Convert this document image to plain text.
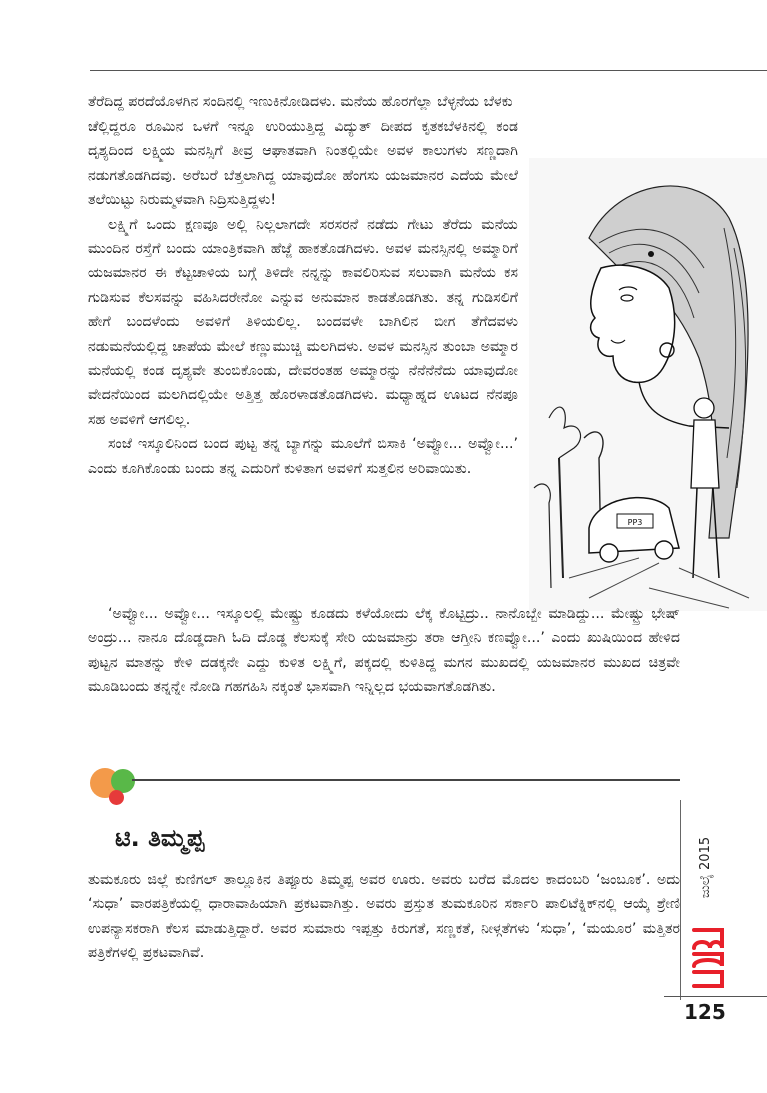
ತೆರೆದಿದ್ದ ಪರದೆಯೊಳಗಿನ ಸಂದಿನಲ್ಲಿ ಇಣುಕಿನೋಡಿದಳು. ಮನೆಯ ಹೊರಗೆಲ್ಲಾ ಬೆಳ್ಳನೆಯ ಬೆಳಕು

ಚೆಲ್ಲಿದ್ದರೂ ರೂಮಿನ ಒಳಗೆ ಇನ್ನೂ ಉರಿಯುತ್ತಿದ್ದ ವಿದ್ಯುತ್ ದೀಪದ ಕೃತಕಬೆಳಕಿನಲ್ಲಿ ಕಂಡ ದೃಶ್ಯದಿಂದ ಲಕ್ಷ್ಮಿಯ ಮನಸ್ಸಿಗೆ ತೀವ್ರ ಆಘಾತವಾಗಿ ನಿಂತಲ್ಲಿಯೇ ಅವಳ ಕಾಲುಗಳು ಸಣ್ಣದಾಗಿ ನಡುಗತೊಡಗಿದವು. ಅರೆಬರೆ ಬೆತ್ತಲಾಗಿದ್ದ ಯಾವುದೋ ಹೆಂಗಸು ಯಜಮಾನರ ಎದೆಯ ಮೇಲೆ ತಲೆಯಿಟ್ಟು ನಿರುಮ್ಮಳವಾಗಿ ನಿದ್ರಿಸುತ್ತಿದ್ದಳು!

ಲಕ್ಷ್ಮಿಗೆ ಒಂದು ಕ್ಷಣವೂ ಅಲ್ಲಿ ನಿಲ್ಲಲಾಗದೇ ಸರಸರನೆ ನಡೆದು ಗೇಟು ತೆರೆದು ಮನೆಯ ಮುಂದಿನ ರಸ್ತೆಗೆ ಬಂದು ಯಾಂತ್ರಿಕವಾಗಿ ಹೆಜ್ಜೆ ಹಾಕತೊಡಗಿದಳು. ಅವಳ ಮನಸ್ಸಿನಲ್ಲಿ ಅಮ್ಮಾರಿಗೆ ಯಜಮಾನರ ಈ ಕೆಟ್ಟಚಾಳಿಯ ಬಗ್ಗೆ ತಿಳಿದೇ ನನ್ನನ್ನು ಕಾವಲಿರಿಸುವ ಸಲುವಾಗಿ ಮನೆಯ ಕಸ ಗುಡಿಸುವ ಕೆಲಸವನ್ನು ವಹಿಸಿದರೇನೋ ಎನ್ನುವ ಅನುಮಾನ ಕಾಡತೊಡಗಿತು. ತನ್ನ ಗುಡಿಸಲಿಗೆ ಹೇಗೆ ಬಂದಳೆಂದು ಅವಳಿಗೆ ತಿಳಿಯಲಿಲ್ಲ. ಬಂದವಳೇ ಬಾಗಿಲಿನ ಬೀಗ ತೆಗೆದವಳು ನಡುಮನೆಯಲ್ಲಿದ್ದ ಚಾಪೆಯ ಮೇಲೆ ಕಣ್ಣುಮುಚ್ಚಿ ಮಲಗಿದಳು. ಅವಳ ಮನಸ್ಸಿನ ತುಂಬಾ ಅಮ್ಮಾರ ಮನೆಯಲ್ಲಿ ಕಂಡ ದೃಶ್ಯವೇ ತುಂಬಿಕೊಂಡು, ದೇವರಂತಹ ಅಮ್ಮಾರನ್ನು ನೆನೆನೆನೆದು ಯಾವುದೋ ವೇದನೆಯಿಂದ ಮಲಗಿದಲ್ಲಿಯೇ ಅತ್ತಿತ್ತ ಹೊರಳಾಡತೊಡಗಿದಳು. ಮಧ್ಯಾಹ್ನದ ಊಟದ ನೆನಪೂ ಸಹ ಅವಳಿಗೆ ಆಗಲಿಲ್ಲ.

ಸಂಜೆ ಇಸ್ಕೂಲಿನಿಂದ ಬಂದ ಪುಟ್ಟ ತನ್ನ ಬ್ಯಾಗನ್ನು ಮೂಲೆಗೆ ಬಿಸಾಕಿ ‘ಅವ್ವೋ... ಅವ್ವೋ...’ ಎಂದು ಕೂಗಿಕೊಂಡು ಬಂದು ತನ್ನ ಎದುರಿಗೆ ಕುಳಿತಾಗ ಅವಳಿಗೆ ಸುತ್ತಲಿನ ಅರಿವಾಯಿತು.

PP3

‘ಅವ್ವೋ... ಅವ್ವೋ... ಇಸ್ಕೂಲಲ್ಲಿ ಮೇಷ್ಟ್ರು ಕೂಡದು ಕಳೆಯೋದು ಲೆಕ್ಕ ಕೊಟ್ಟಿದ್ರು.. ನಾನೊಬ್ಬೇ ಮಾಡಿದ್ದು... ಮೇಷ್ಟ್ರು ಭೇಷ್ ಅಂದ್ರು... ನಾನೂ ದೊಡ್ಡದಾಗಿ ಓದಿ ದೊಡ್ಡ ಕೆಲಸುಕ್ಕೆ ಸೇರಿ ಯಜಮಾನ್ರು ತರಾ ಆಗ್ತೀನಿ ಕಣವ್ವೋ...’ ಎಂದು ಖುಷಿಯಿಂದ ಹೇಳಿದ ಪುಟ್ಟನ ಮಾತನ್ನು ಕೇಳಿ ದಡಕ್ಕನೇ ಎದ್ದು ಕುಳಿತ ಲಕ್ಷ್ಮಿಗೆ, ಪಕ್ಕದಲ್ಲಿ ಕುಳಿತಿದ್ದ ಮಗನ ಮುಖದಲ್ಲಿ ಯಜಮಾನರ ಮುಖದ ಚಿತ್ರವೇ ಮೂಡಿಬಂದು ತನ್ನನ್ನೇ ನೋಡಿ ಗಹಗಹಿಸಿ ನಕ್ಕಂತೆ ಭಾಸವಾಗಿ ಇನ್ನಿಲ್ಲದ ಭಯವಾಗತೊಡಗಿತು.

ಟಿ. ತಿಮ್ಮಪ್ಪ

ತುಮಕೂರು ಜಿಲ್ಲೆ ಕುಣಿಗಲ್ ತಾಲ್ಲೂಕಿನ ತಿಪ್ಪೂರು ತಿಮ್ಮಪ್ಪ ಅವರ ಊರು. ಅವರು ಬರೆದ ಮೊದಲ ಕಾದಂಬರಿ ‘ಜಂಬೂಕ’. ಅದು ‘ಸುಧಾ’ ವಾರಪತ್ರಿಕೆಯಲ್ಲಿ ಧಾರಾವಾಹಿಯಾಗಿ ಪ್ರಕಟವಾಗಿತ್ತು. ಅವರು ಪ್ರಸ್ತುತ ತುಮಕೂರಿನ ಸರ್ಕಾರಿ ಪಾಲಿಟೆಕ್ನಿಕ್‌ನಲ್ಲಿ ಆಯ್ಕೆ ಶ್ರೇಣಿ ಉಪನ್ಯಾಸಕರಾಗಿ ಕೆಲಸ ಮಾಡುತ್ತಿದ್ದಾರೆ. ಅವರ ಸುಮಾರು ಇಪ್ಪತ್ತು ಕಿರುಗತೆ, ಸಣ್ಣಕತೆ, ನೀಳ್ಗತೆಗಳು ‘ಸುಧಾ’, ‘ಮಯೂರ’ ಮತ್ತಿತರ ಪತ್ರಿಕೆಗಳಲ್ಲಿ ಪ್ರಕಟವಾಗಿವೆ.

ಜುಲೈ 2015
125
